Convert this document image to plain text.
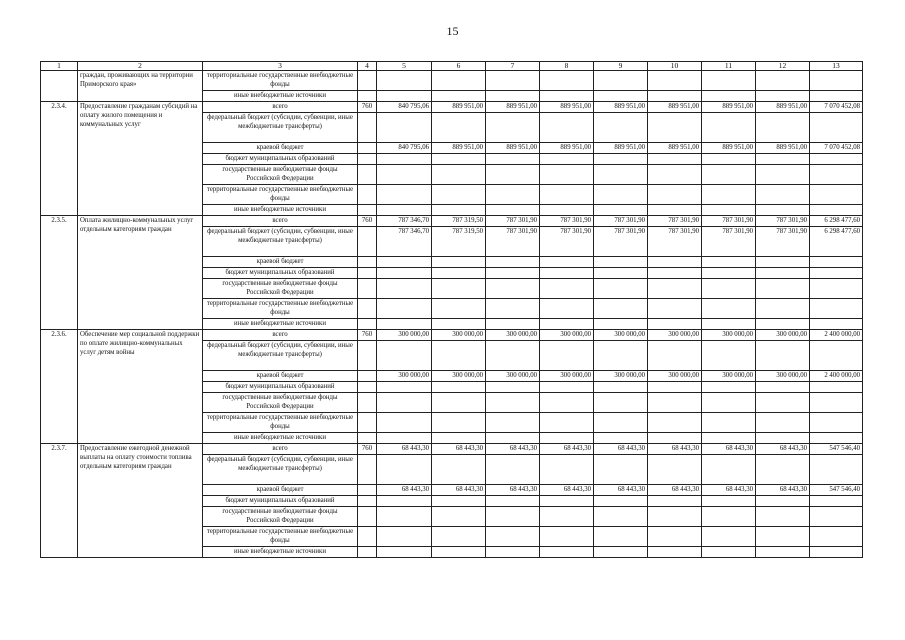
15
1	2	3	4	5	6	7	8	9	10	11	12	13
	граждан, проживающих на территории Приморского края»	территориальные государственные внебюджетные фонды										
		иные внебюджетные источники										
2.3.4.	Предоставление гражданам субсидий на оплату жилого помещения и коммунальных услуг	всего	760	840 795,06	889 951,00	889 951,00	889 951,00	889 951,00	889 951,00	889 951,00	889 951,00	7 070 452,08
		федеральный бюджет (субсидии, субвенции, иные межбюджетные трансферты)										
		краевой бюджет		840 795,06	889 951,00	889 951,00	889 951,00	889 951,00	889 951,00	889 951,00	889 951,00	7 070 452,08
		бюджет муниципальных образований										
		государственные внебюджетные фонды Российской Федерации										
		территориальные государственные внебюджетные фонды										
		иные внебюджетные источники										
2.3.5.	Оплата жилищно-коммунальных услуг отдельным категориям граждан	всего	760	787 346,70	787 319,50	787 301,90	787 301,90	787 301,90	787 301,90	787 301,90	787 301,90	6 298 477,60
		федеральный бюджет (субсидии, субвенции, иные межбюджетные трансферты)		787 346,70	787 319,50	787 301,90	787 301,90	787 301,90	787 301,90	787 301,90	787 301,90	6 298 477,60
		краевой бюджет										
		бюджет муниципальных образований										
		государственные внебюджетные фонды Российской Федерации										
		территориальные государственные внебюджетные фонды										
		иные внебюджетные источники										
2.3.6.	Обеспечение мер социальной поддержки по оплате жилищно-коммунальных услуг детям войны	всего	760	300 000,00	300 000,00	300 000,00	300 000,00	300 000,00	300 000,00	300 000,00	300 000,00	2 400 000,00
		федеральный бюджет (субсидии, субвенции, иные межбюджетные трансферты)										
		краевой бюджет		300 000,00	300 000,00	300 000,00	300 000,00	300 000,00	300 000,00	300 000,00	300 000,00	2 400 000,00
		бюджет муниципальных образований										
		государственные внебюджетные фонды Российской Федерации										
		территориальные государственные внебюджетные фонды										
		иные внебюджетные источники										
2.3.7.	Предоставление ежегодной денежной выплаты на оплату стоимости топлива отдельным категориям граждан	всего	760	68 443,30	68 443,30	68 443,30	68 443,30	68 443,30	68 443,30	68 443,30	68 443,30	547 546,40
		федеральный бюджет (субсидии, субвенции, иные межбюджетные трансферты)										
		краевой бюджет		68 443,30	68 443,30	68 443,30	68 443,30	68 443,30	68 443,30	68 443,30	68 443,30	547 546,40
		бюджет муниципальных образований										
		государственные внебюджетные фонды Российской Федерации										
		территориальные государственные внебюджетные фонды										
		иные внебюджетные источники										
